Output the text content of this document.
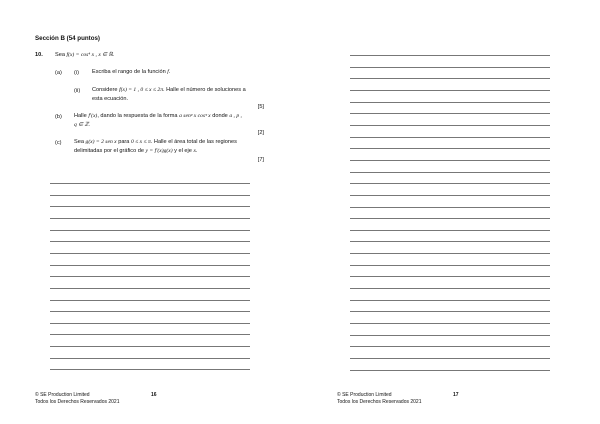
Sección B (54 puntos)
10. Sea f(x) = cos⁴ x , x ∈ ℝ.
(a) (i) Escriba el rango de la función f.
(ii) Considere f(x) = 1 , 0 ≤ x ≤ 2π. Halle el número de soluciones a
esta ecuación.
[5]
(b) Halle f′(x), dando la respuesta de la forma a senᵖ x cosᵠ x donde a , p ,
q ∈ ℤ.
[2]
(c) Sea g(x) = 2 sen x para 0 ≤ x ≤ π. Halle el área total de las regiones
delimitadas por el gráfico de y = f′(x)g(x) y el eje x.
[7]
© SE Production Limited
Todos los Derechos Reservados 2021
16	© SE Production Limited
Todos los Derechos Reservados 2021
17
